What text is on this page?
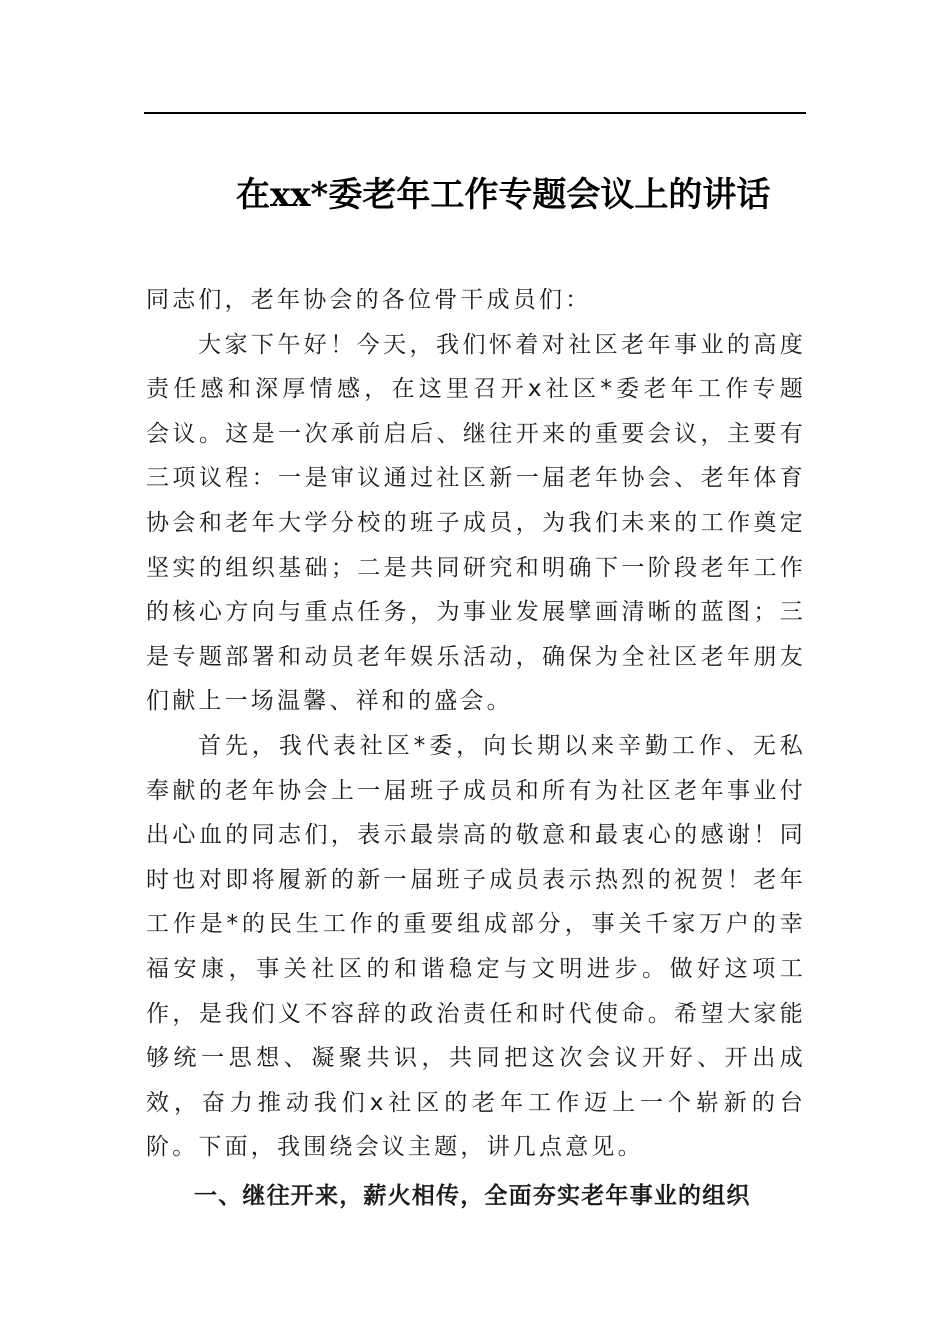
在xx*委老年工作专题会议上的讲话

同志们，老年协会的各位骨干成员们：

大家下午好！今天，我们怀着对社区老年事业的高度责任感和深厚情感，在这里召开x社区*委老年工作专题会议。这是一次承前启后、继往开来的重要会议，主要有三项议程：一是审议通过社区新一届老年协会、老年体育协会和老年大学分校的班子成员，为我们未来的工作奠定坚实的组织基础；二是共同研究和明确下一阶段老年工作的核心方向与重点任务，为事业发展擘画清晰的蓝图；三是专题部署和动员老年娱乐活动，确保为全社区老年朋友们献上一场温馨、祥和的盛会。

首先，我代表社区*委，向长期以来辛勤工作、无私奉献的老年协会上一届班子成员和所有为社区老年事业付出心血的同志们，表示最崇高的敬意和最衷心的感谢！同时也对即将履新的新一届班子成员表示热烈的祝贺！老年工作是*的民生工作的重要组成部分，事关千家万户的幸福安康，事关社区的和谐稳定与文明进步。做好这项工作，是我们义不容辞的政治责任和时代使命。希望大家能够统一思想、凝聚共识，共同把这次会议开好、开出成效，奋力推动我们x社区的老年工作迈上一个崭新的台阶。下面，我围绕会议主题，讲几点意见。

一、继往开来，薪火相传，全面夯实老年事业的组织
